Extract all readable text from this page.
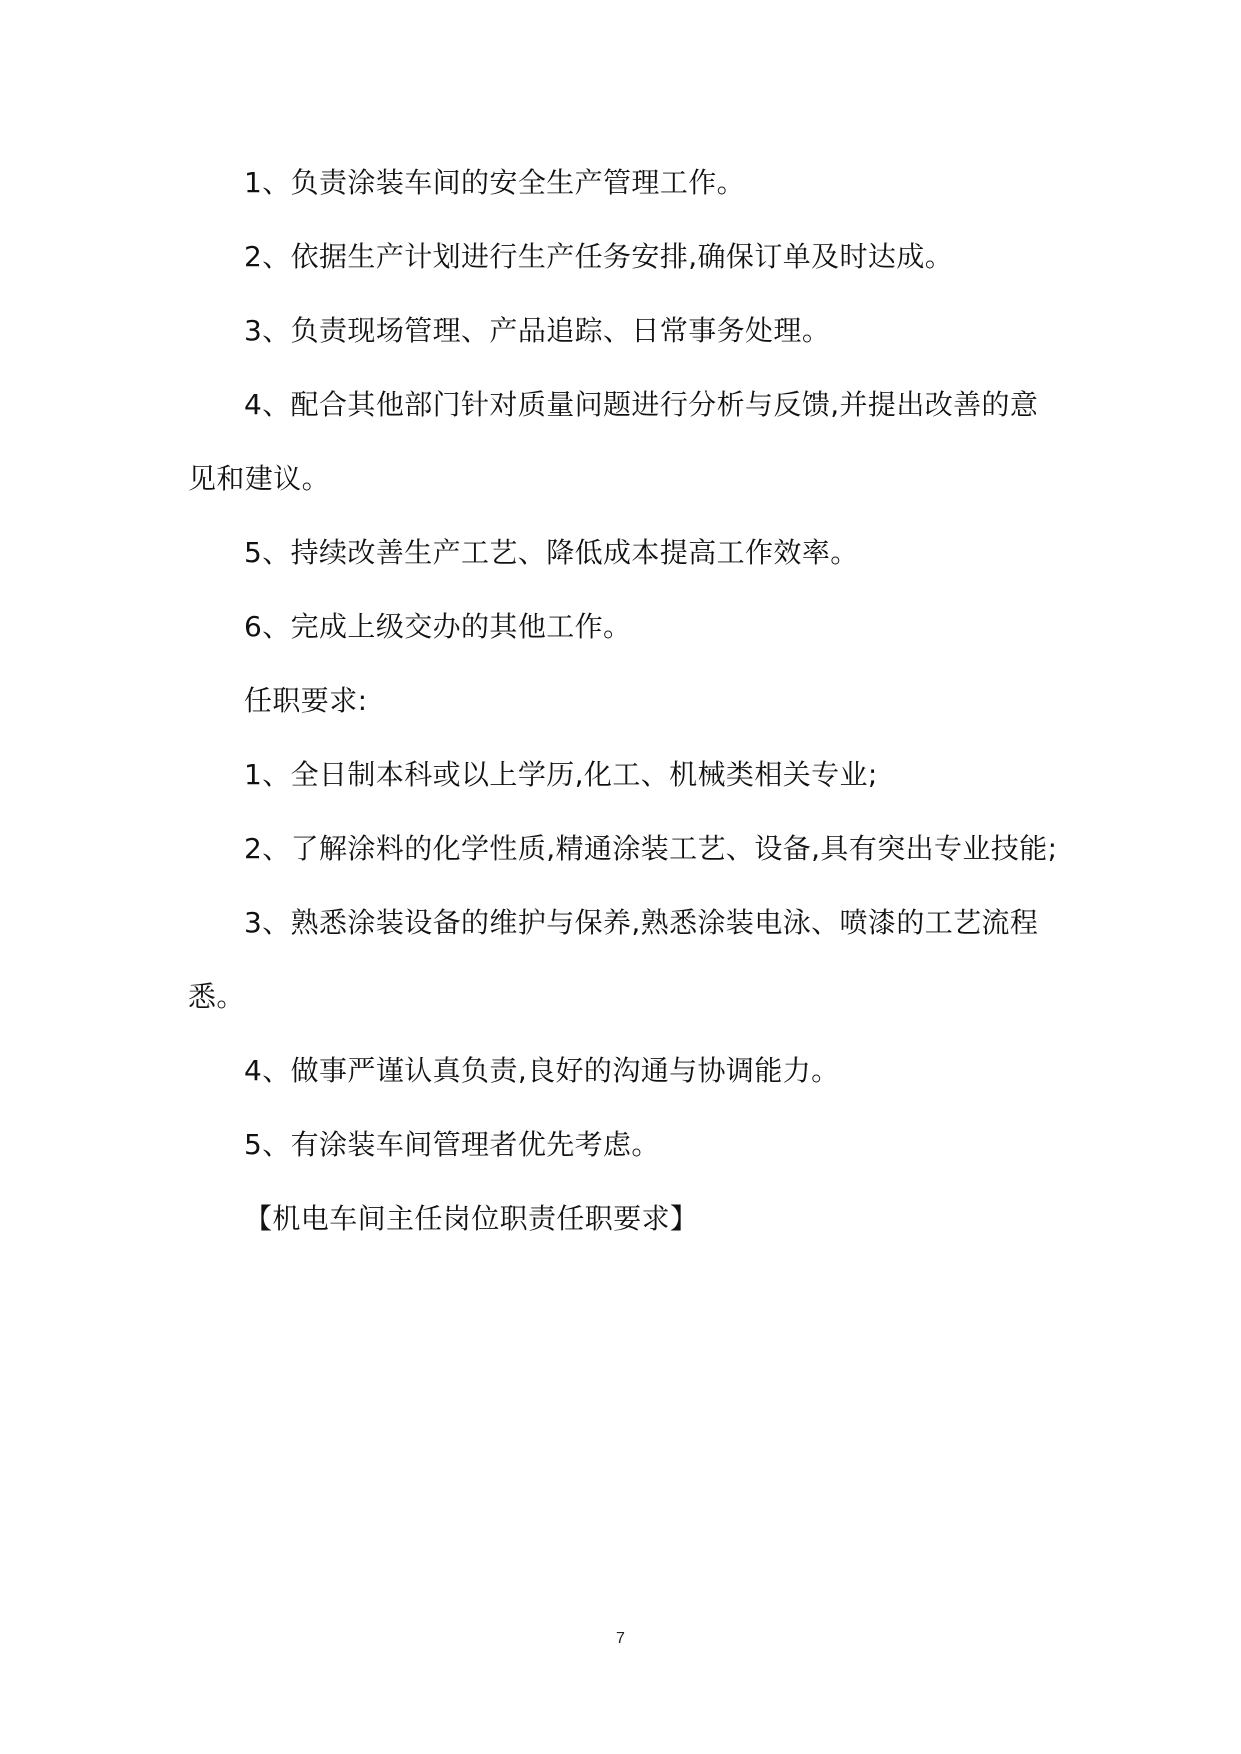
1、负责涂装车间的安全生产管理工作。

2、依据生产计划进行生产任务安排,确保订单及时达成。

3、负责现场管理、产品追踪、日常事务处理。

4、配合其他部门针对质量问题进行分析与反馈,并提出改善的意见和建议。

5、持续改善生产工艺、降低成本提高工作效率。

6、完成上级交办的其他工作。

任职要求:

1、全日制本科或以上学历,化工、机械类相关专业;

2、了解涂料的化学性质,精通涂装工艺、设备,具有突出专业技能;

3、熟悉涂装设备的维护与保养,熟悉涂装电泳、喷漆的工艺流程悉。

4、做事严谨认真负责,良好的沟通与协调能力。

5、有涂装车间管理者优先考虑。

【机电车间主任岗位职责任职要求】

7
